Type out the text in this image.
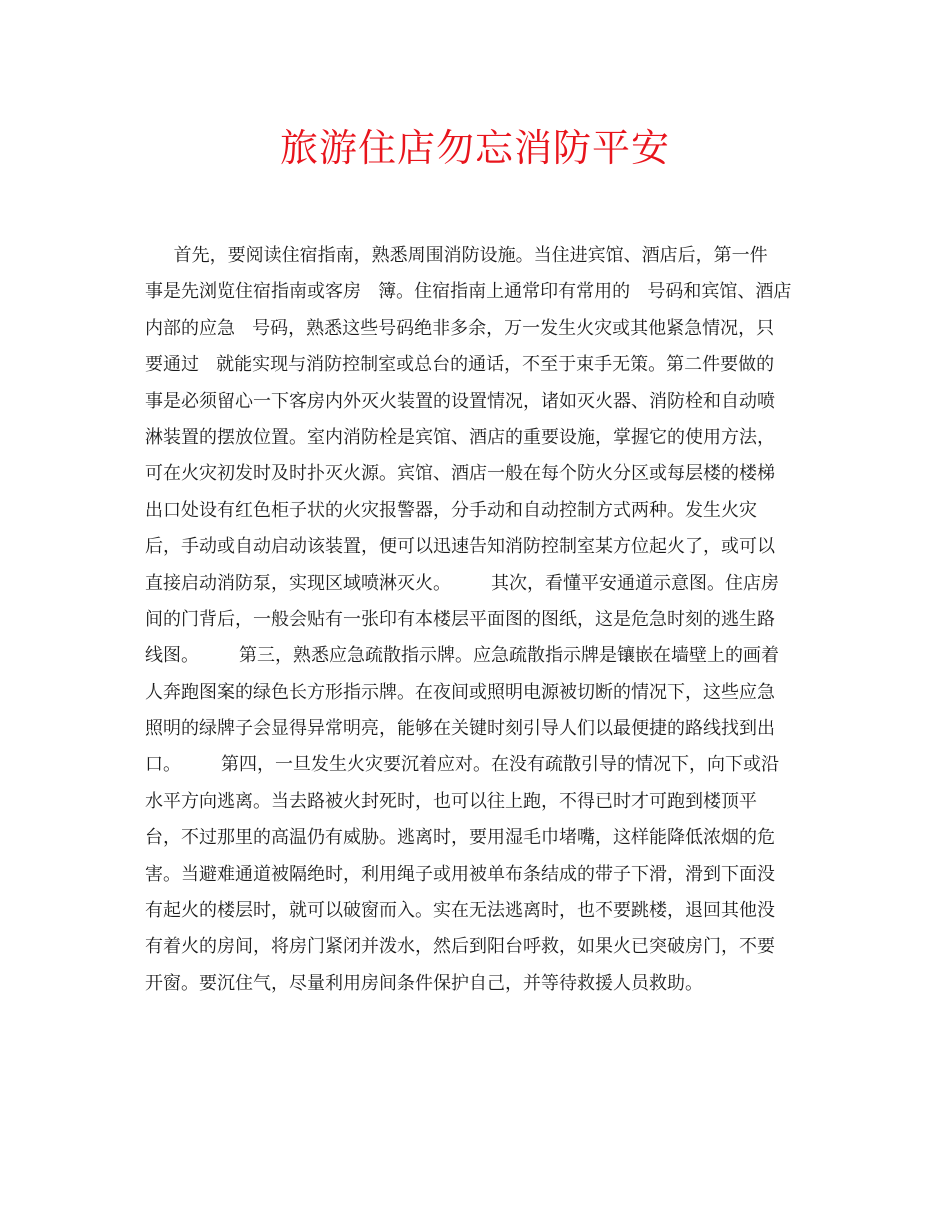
旅游住店勿忘消防平安
首先，要阅读住宿指南，熟悉周围消防设施。当住进宾馆、酒店后，第一件
事是先浏览住宿指南或客房   簿。住宿指南上通常印有常用的   号码和宾馆、酒店
内部的应急   号码，熟悉这些号码绝非多余，万一发生火灾或其他紧急情况，只
要通过   就能实现与消防控制室或总台的通话，不至于束手无策。第二件要做的
事是必须留心一下客房内外灭火装置的设置情况，诸如灭火器、消防栓和自动喷
淋装置的摆放位置。室内消防栓是宾馆、酒店的重要设施，掌握它的使用方法，
可在火灾初发时及时扑灭火源。宾馆、酒店一般在每个防火分区或每层楼的楼梯
出口处设有红色柜子状的火灾报警器，分手动和自动控制方式两种。发生火灾
后，手动或自动启动该装置，便可以迅速告知消防控制室某方位起火了，或可以
直接启动消防泵，实现区域喷淋灭火。       其次，看懂平安通道示意图。住店房
间的门背后，一般会贴有一张印有本楼层平面图的图纸，这是危急时刻的逃生路
线图。       第三，熟悉应急疏散指示牌。应急疏散指示牌是镶嵌在墙壁上的画着
人奔跑图案的绿色长方形指示牌。在夜间或照明电源被切断的情况下，这些应急
照明的绿牌子会显得异常明亮，能够在关键时刻引导人们以最便捷的路线找到出
口。       第四，一旦发生火灾要沉着应对。在没有疏散引导的情况下，向下或沿
水平方向逃离。当去路被火封死时，也可以往上跑，不得已时才可跑到楼顶平
台，不过那里的高温仍有威胁。逃离时，要用湿毛巾堵嘴，这样能降低浓烟的危
害。当避难通道被隔绝时，利用绳子或用被单布条结成的带子下滑，滑到下面没
有起火的楼层时，就可以破窗而入。实在无法逃离时，也不要跳楼，退回其他没
有着火的房间，将房门紧闭并泼水，然后到阳台呼救，如果火已突破房门，不要
开窗。要沉住气，尽量利用房间条件保护自己，并等待救援人员救助。
